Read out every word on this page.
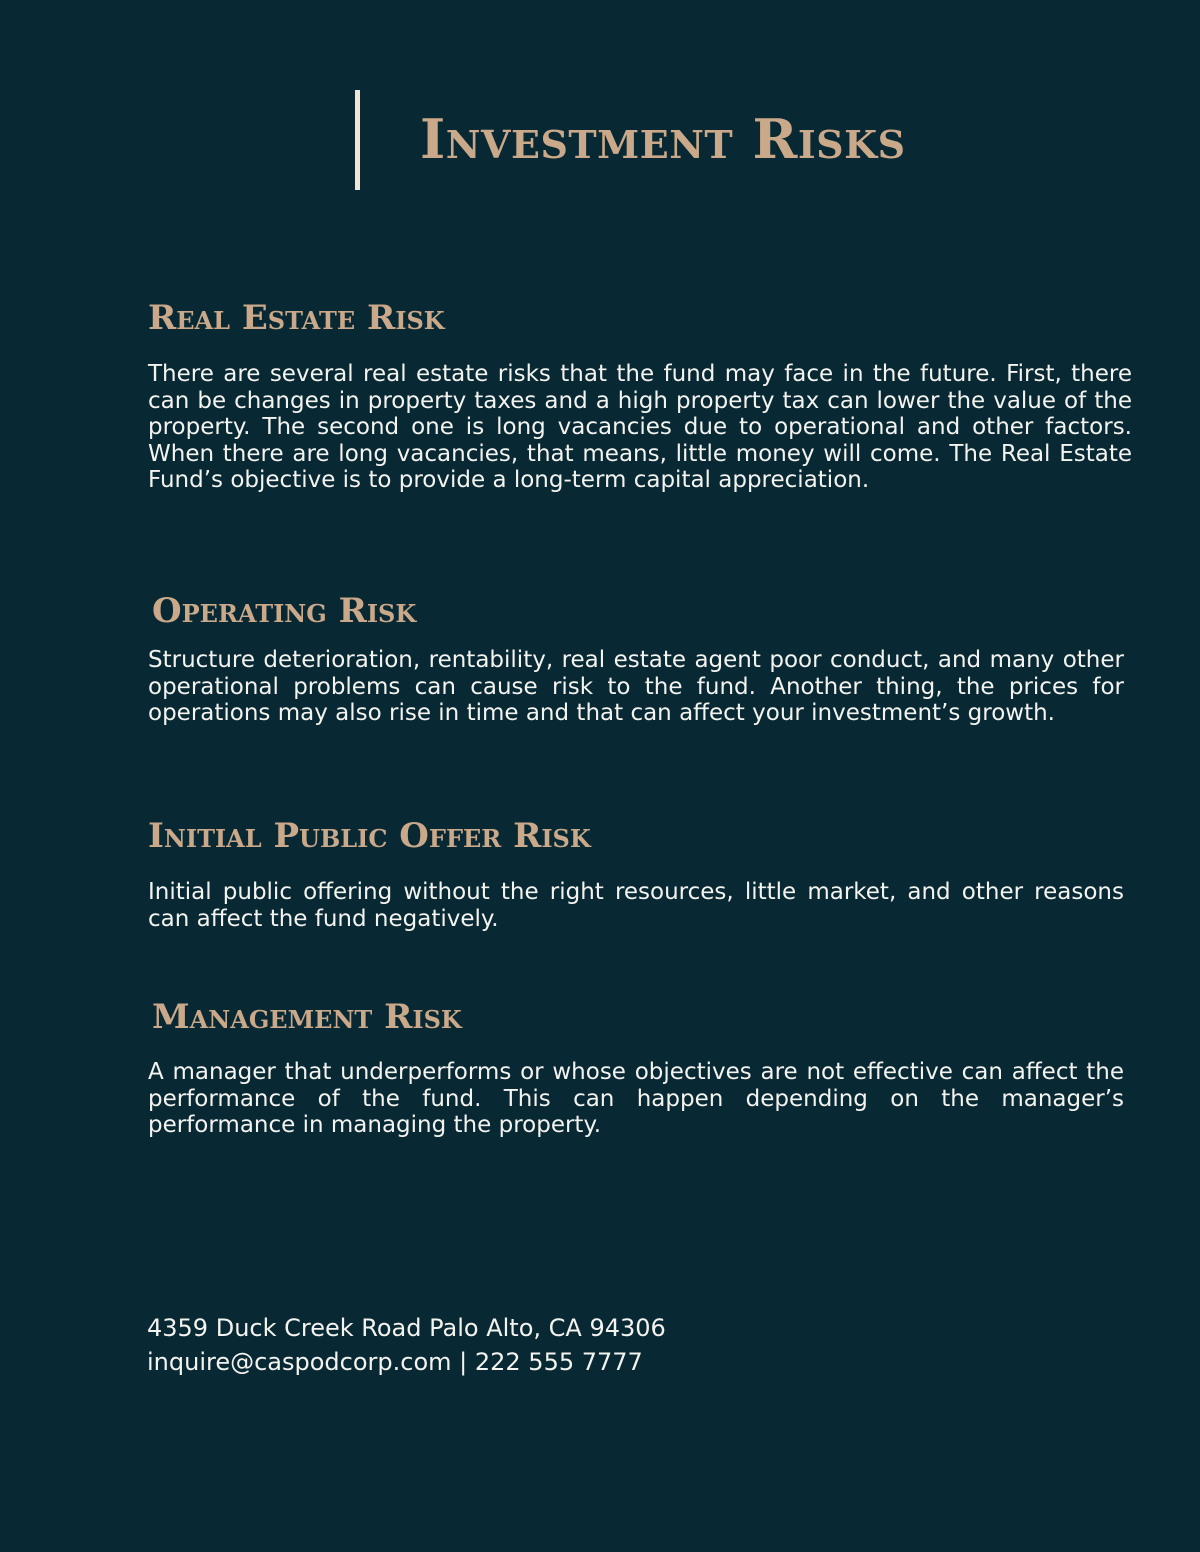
Investment Risks
Real Estate Risk

There are several real estate risks that the fund may face in the future. First, there can be changes in property taxes and a high property tax can lower the value of the property. The second one is long vacancies due to operational and other factors. When there are long vacancies, that means, little money will come. The Real Estate Fund’s objective is to provide a long-term capital appreciation.

Operating Risk

Structure deterioration, rentability, real estate agent poor conduct, and many other operational problems can cause risk to the fund. Another thing, the prices for operations may also rise in time and that can affect your investment’s growth.

Initial Public Offer Risk

Initial public offering without the right resources, little market, and other reasons can affect the fund negatively.

Management Risk

A manager that underperforms or whose objectives are not effective can affect the performance of the fund. This can happen depending on the manager’s performance in managing the property.

4359 Duck Creek Road Palo Alto, CA 94306

inquire@caspodcorp.com | 222 555 7777
